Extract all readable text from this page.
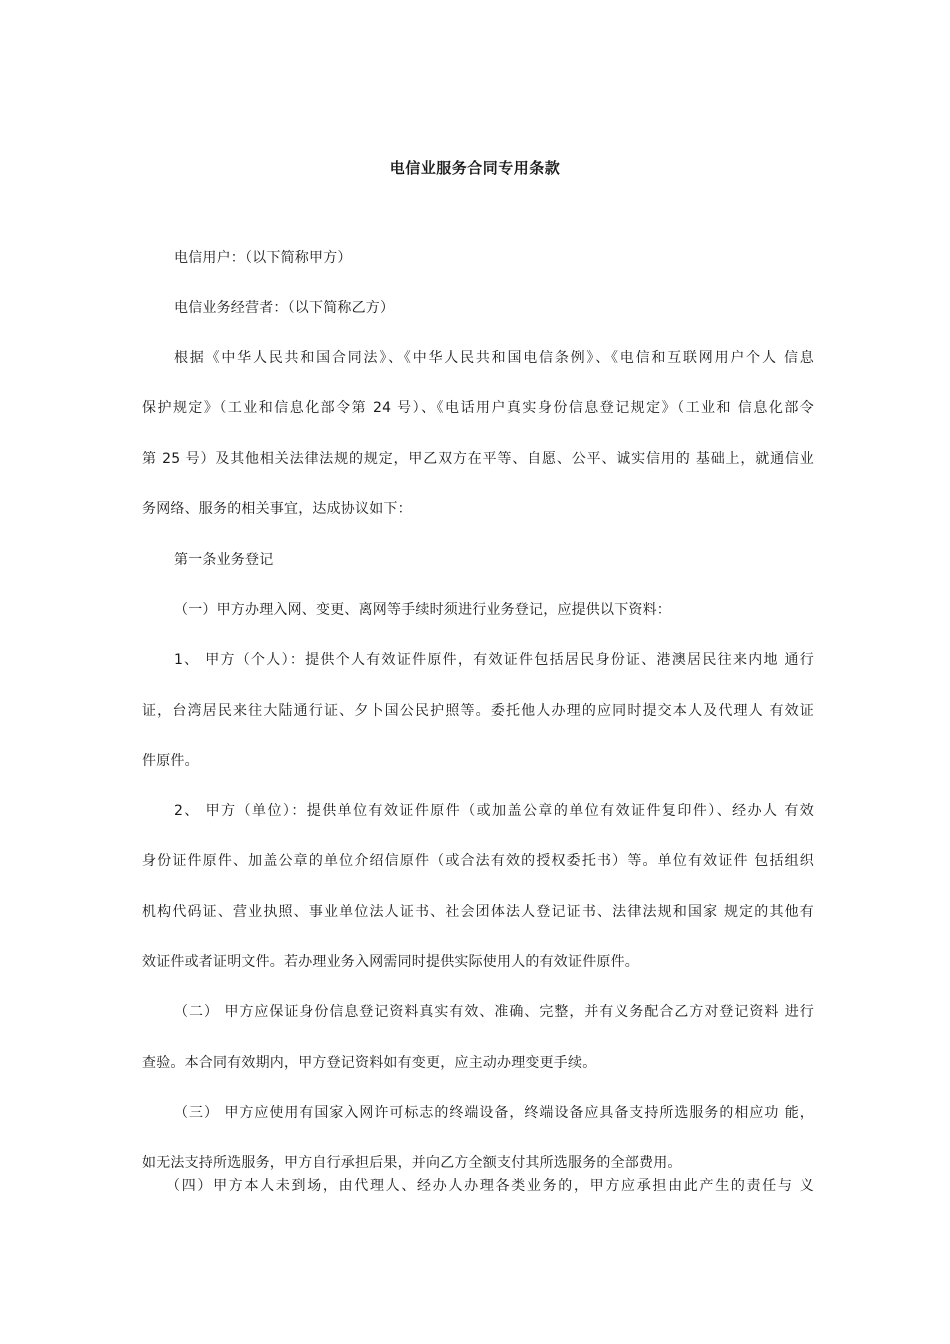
电信业服务合同专用条款
电信用户：（以下简称甲方）
电信业务经营者：（以下简称乙方）
根据《中华人民共和国合同法》、《中华人民共和国电信条例》、《电信和互联网用户个人 信息
保护规定》（工业和信息化部令第 24 号）、《电话用户真实身份信息登记规定》（工业和 信息化部令
第 25 号）及其他相关法律法规的规定，甲乙双方在平等、自愿、公平、诚实信用的 基础上，就通信业
务网络、服务的相关事宜，达成协议如下：
第一条业务登记
（一）甲方办理入网、变更、离网等手续时须进行业务登记，应提供以下资料：
1、 甲方（个人）：提供个人有效证件原件，有效证件包括居民身份证、港澳居民往来内地 通行
证，台湾居民来往大陆通行证、夕卜国公民护照等。委托他人办理的应同时提交本人及代理人 有效证
件原件。
2、 甲方（单位）：提供单位有效证件原件（或加盖公章的单位有效证件复印件）、经办人 有效
身份证件原件、加盖公章的单位介绍信原件（或合法有效的授权委托书）等。单位有效证件 包括组织
机构代码证、营业执照、事业单位法人证书、社会团体法人登记证书、法律法规和国家 规定的其他有
效证件或者证明文件。若办理业务入网需同时提供实际使用人的有效证件原件。
（二） 甲方应保证身份信息登记资料真实有效、准确、完整，并有义务配合乙方对登记资料 进行
查验。本合同有效期内，甲方登记资料如有变更，应主动办理变更手续。
（三） 甲方应使用有国家入网许可标志的终端设备，终端设备应具备支持所选服务的相应功 能，
如无法支持所选服务，甲方自行承担后果，并向乙方全额支付其所选服务的全部费用。
（四）甲方本人未到场，由代理人、经办人办理各类业务的，甲方应承担由此产生的责任与 义
